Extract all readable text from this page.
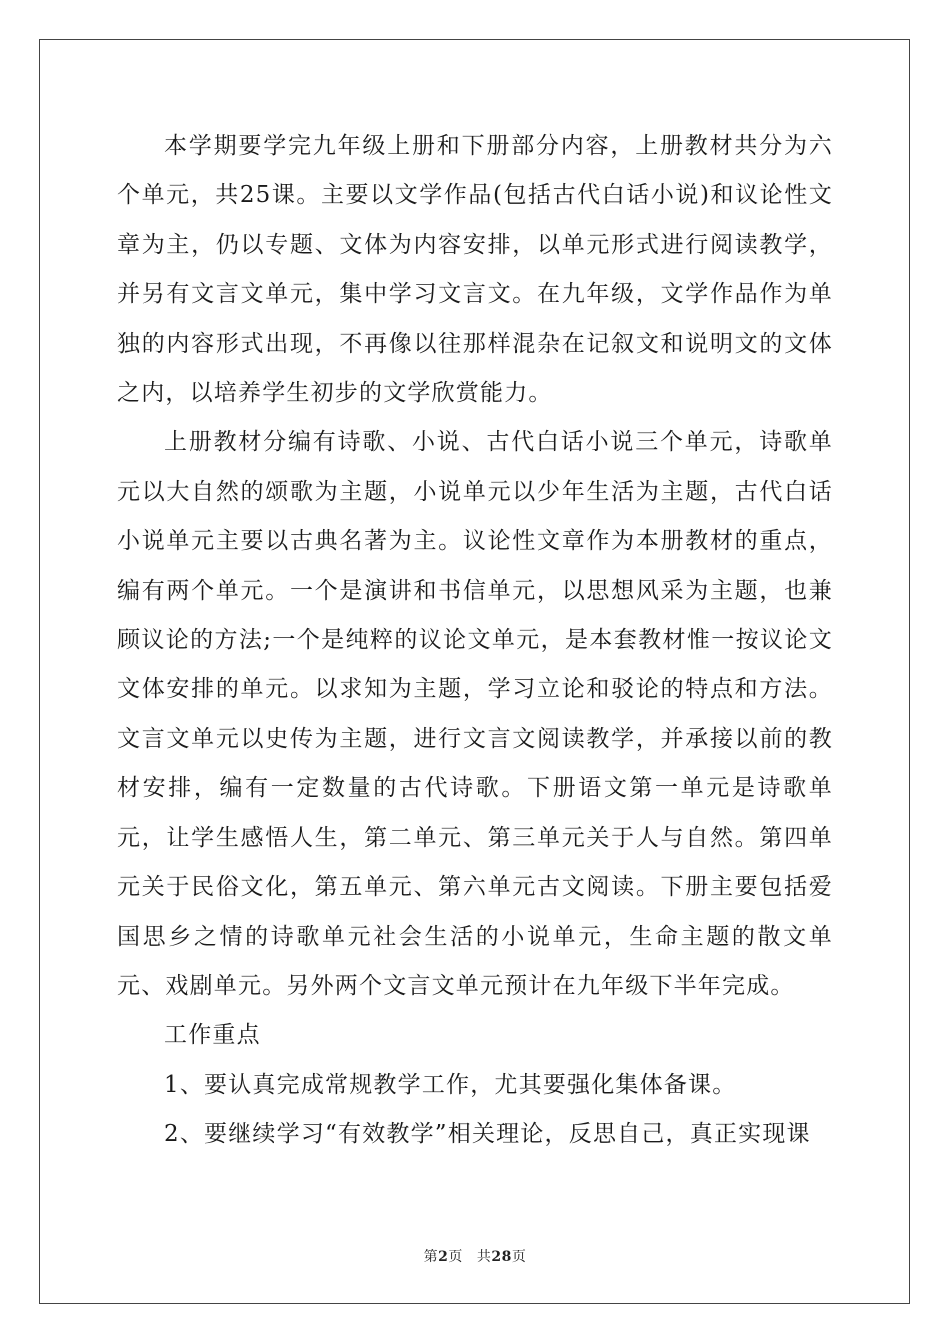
本学期要学完九年级上册和下册部分内容，上册教材共分为六个单元，共25课。主要以文学作品(包括古代白话小说)和议论性文章为主，仍以专题、文体为内容安排，以单元形式进行阅读教学，并另有文言文单元，集中学习文言文。在九年级，文学作品作为单独的内容形式出现，不再像以往那样混杂在记叙文和说明文的文体之内，以培养学生初步的文学欣赏能力。

上册教材分编有诗歌、小说、古代白话小说三个单元，诗歌单元以大自然的颂歌为主题，小说单元以少年生活为主题，古代白话小说单元主要以古典名著为主。议论性文章作为本册教材的重点，编有两个单元。一个是演讲和书信单元，以思想风采为主题，也兼顾议论的方法;一个是纯粹的议论文单元，是本套教材惟一按议论文文体安排的单元。以求知为主题，学习立论和驳论的特点和方法。文言文单元以史传为主题，进行文言文阅读教学，并承接以前的教材安排，编有一定数量的古代诗歌。下册语文第一单元是诗歌单元，让学生感悟人生，第二单元、第三单元关于人与自然。第四单元关于民俗文化，第五单元、第六单元古文阅读。下册主要包括爱国思乡之情的诗歌单元社会生活的小说单元，生命主题的散文单元、戏剧单元。另外两个文言文单元预计在九年级下半年完成。

工作重点

1、要认真完成常规教学工作，尤其要强化集体备课。

2、要继续学习“有效教学”相关理论，反思自己，真正实现课

第2页 共28页
